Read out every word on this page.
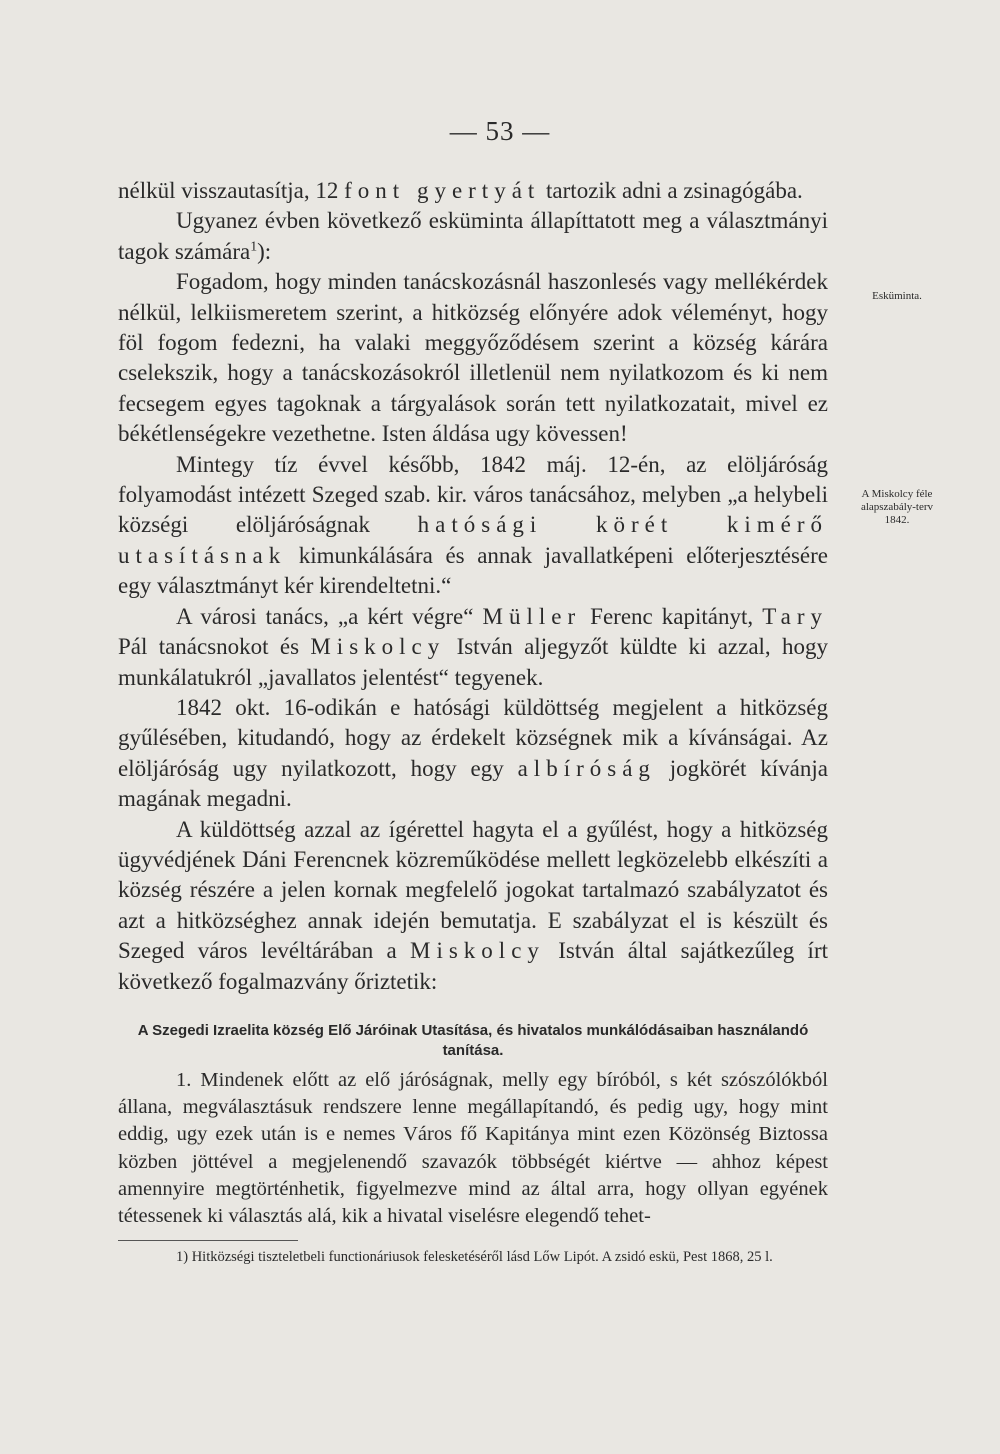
— 53 —
Esküminta.
A Miskolcy féle
alapszabály-terv
1842.

nélkül visszautasítja, 12 font gyertyát tartozik adni a zsinagógába.

Ugyanez évben következő esküminta állapíttatott meg a választmányi tagok számára$^1$):

Fogadom, hogy minden tanácskozásnál haszonlesés vagy mellékérdek nélkül, lelkiismeretem szerint, a hitközség előnyére adok véleményt, hogy föl fogom fedezni, ha valaki meggyőződésem szerint a község kárára cselekszik, hogy a tanácskozásokról illetlenül nem nyilatkozom és ki nem fecsegem egyes tagoknak a tárgyalások során tett nyilatkozatait, mivel ez békétlenségekre vezethetne. Isten áldása ugy kövessen!

Mintegy tíz évvel később, 1842 máj. 12-én, az elöljáróság folyamodást intézett Szeged szab. kir. város tanácsához, melyben „a helybeli községi elöljáróságnak hatósági körét kimérő utasításnak kimunkálására és annak javallatképeni előterjesztésére egy választmányt kér kirendeltetni.“

A városi tanács, „a kért végre“ Müller Ferenc kapitányt, Tary Pál tanácsnokot és Miskolcy István aljegyzőt küldte ki azzal, hogy munkálatukról „javallatos jelentést“ tegyenek.

1842 okt. 16-odikán e hatósági küldöttség megjelent a hitközség gyűlésében, kitudandó, hogy az érdekelt községnek mik a kívánságai. Az elöljáróság ugy nyilatkozott, hogy egy albíróság jogkörét kívánja magának megadni.

A küldöttség azzal az ígérettel hagyta el a gyűlést, hogy a hitközség ügyvédjének Dáni Ferencnek közreműködése mellett legközelebb elkészíti a község részére a jelen kornak megfelelő jogokat tartalmazó szabályzatot és azt a hitközséghez annak idején bemutatja. E szabályzat el is készült és Szeged város levéltárában a Miskolcy István által sajátkezűleg írt következő fogalmazvány őriztetik:

A Szegedi Izraelita község Elő Járóinak Utasítása, és hivatalos munkálódásaiban használandó tanítása.

1. Mindenek előtt az elő járóságnak, melly egy bíróból, s két szószólókból állana, megválasztásuk rendszere lenne megállapítandó, és pedig ugy, hogy mint eddig, ugy ezek után is e nemes Város fő Kapitánya mint ezen Közönség Biztossa közben jöttével a megjelenendő szavazók többségét kiértve — ahhoz képest amennyire megtörténhetik, figyelmezve mind az által arra, hogy ollyan egyének tétessenek ki választás alá, kik a hivatal viselésre elegendő tehet-

1) Hitközségi tiszteletbeli functionáriusok felesketéséről lásd Lőw Lipót. A zsidó eskü, Pest 1868, 25 l.
